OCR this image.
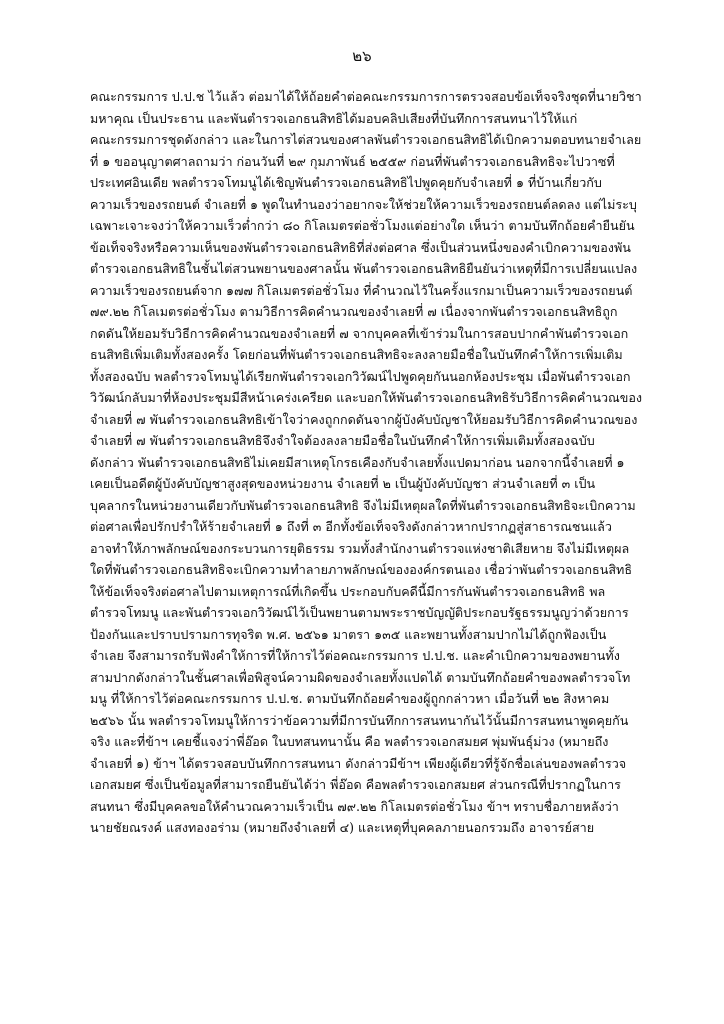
๒๖
คณะกรรมการ ป.ป.ช ไว้แล้ว ต่อมาได้ให้ถ้อยคำต่อคณะกรรมการการตรวจสอบข้อเท็จจริงชุดที่นายวิชา
มหาคุณ เป็นประธาน และพันตำรวจเอกธนสิทธิได้มอบคลิปเสียงที่บันทึกการสนทนาไว้ให้แก่
คณะกรรมการชุดดังกล่าว และในการไต่สวนของศาลพันตำรวจเอกธนสิทธิได้เบิกความตอบทนายจำเลย
ที่ ๑ ขออนุญาตศาลถามว่า ก่อนวันที่ ๒๙ กุมภาพันธ์ ๒๕๕๙ ก่อนที่พันตำรวจเอกธนสิทธิจะไปวาซที่
ประเทศอินเดีย พลตำรวจโทมนูได้เชิญพันตำรวจเอกธนสิทธิไปพูดคุยกับจำเลยที่ ๑ ที่บ้านเกี่ยวกับ
ความเร็วของรถยนต์ จำเลยที่ ๑ พูดในทำนองว่าอยากจะให้ช่วยให้ความเร็วของรถยนต์ลดลง แต่ไม่ระบุ
เฉพาะเจาะจงว่าให้ความเร็วต่ำกว่า ๘๐ กิโลเมตรต่อชั่วโมงแต่อย่างใด เห็นว่า ตามบันทึกถ้อยคำยืนยัน
ข้อเท็จจริงหรือความเห็นของพันตำรวจเอกธนสิทธิที่ส่งต่อศาล ซึ่งเป็นส่วนหนึ่งของคำเบิกความของพัน
ตำรวจเอกธนสิทธิในชั้นไต่สวนพยานของศาลนั้น พันตำรวจเอกธนสิทธิยืนยันว่าเหตุที่มีการเปลี่ยนแปลง
ความเร็วของรถยนต์จาก ๑๗๗ กิโลเมตรต่อชั่วโมง ที่คำนวณไว้ในครั้งแรกมาเป็นความเร็วของรถยนต์
๗๙.๒๒ กิโลเมตรต่อชั่วโมง ตามวิธีการคิดคำนวณของจำเลยที่ ๗ เนื่องจากพันตำรวจเอกธนสิทธิถูก
กดดันให้ยอมรับวิธีการคิดคำนวณของจำเลยที่ ๗ จากบุคคลที่เข้าร่วมในการสอบปากคำพันตำรวจเอก
ธนสิทธิเพิ่มเติมทั้งสองครั้ง โดยก่อนที่พันตำรวจเอกธนสิทธิจะลงลายมือชื่อในบันทึกคำให้การเพิ่มเติม
ทั้งสองฉบับ พลตำรวจโทมนูได้เรียกพันตำรวจเอกวิวัฒน์ไปพูดคุยกันนอกห้องประชุม เมื่อพันตำรวจเอก
วิวัฒน์กลับมาที่ห้องประชุมมีสีหน้าเคร่งเครียด และบอกให้พันตำรวจเอกธนสิทธิรับวิธีการคิดคำนวณของ
จำเลยที่ ๗ พันตำรวจเอกธนสิทธิเข้าใจว่าคงถูกกดดันจากผู้บังคับบัญชาให้ยอมรับวิธีการคิดคำนวณของ
จำเลยที่ ๗ พันตำรวจเอกธนสิทธิจึงจำใจต้องลงลายมือชื่อในบันทึกคำให้การเพิ่มเติมทั้งสองฉบับ
ดังกล่าว พันตำรวจเอกธนสิทธิไม่เคยมีสาเหตุโกรธเคืองกับจำเลยทั้งแปดมาก่อน นอกจากนี้จำเลยที่ ๑
เคยเป็นอดีตผู้บังคับบัญชาสูงสุดของหน่วยงาน จำเลยที่ ๒ เป็นผู้บังคับบัญชา ส่วนจำเลยที่ ๓ เป็น
บุคลากรในหน่วยงานเดียวกับพันตำรวจเอกธนสิทธิ จึงไม่มีเหตุผลใดที่พันตำรวจเอกธนสิทธิจะเบิกความ
ต่อศาลเพื่อปรักปรำให้ร้ายจำเลยที่ ๑ ถึงที่ ๓ อีกทั้งข้อเท็จจริงดังกล่าวหากปรากฏสู่สาธารณชนแล้ว
อาจทำให้ภาพลักษณ์ของกระบวนการยุติธรรม รวมทั้งสำนักงานตำรวจแห่งชาติเสียหาย จึงไม่มีเหตุผล
ใดที่พันตำรวจเอกธนสิทธิจะเบิกความทำลายภาพลักษณ์ขององค์กรตนเอง เชื่อว่าพันตำรวจเอกธนสิทธิ
ให้ข้อเท็จจริงต่อศาลไปตามเหตุการณ์ที่เกิดขึ้น ประกอบกับคดีนี้มีการกันพันตำรวจเอกธนสิทธิ พล
ตำรวจโทมนู และพันตำรวจเอกวิวัฒน์ไว้เป็นพยานตามพระราชบัญญัติประกอบรัฐธรรมนูญว่าด้วยการ
ป้องกันและปราบปรามการทุจริต พ.ศ. ๒๕๖๑ มาตรา ๑๓๕ และพยานทั้งสามปากไม่ได้ถูกฟ้องเป็น
จำเลย จึงสามารถรับฟังคำให้การที่ให้การไว้ต่อคณะกรรมการ ป.ป.ช. และคำเบิกความของพยานทั้ง
สามปากดังกล่าวในชั้นศาลเพื่อพิสูจน์ความผิดของจำเลยทั้งแปดได้ ตามบันทึกถ้อยคำของพลตำรวจโท
มนู ที่ให้การไว้ต่อคณะกรรมการ ป.ป.ช. ตามบันทึกถ้อยคำของผู้ถูกกล่าวหา เมื่อวันที่ ๒๒ สิงหาคม
๒๕๖๖ นั้น พลตำรวจโทมนูให้การว่าข้อความที่มีการบันทึกการสนทนากันไว้นั้นมีการสนทนาพูดคุยกัน
จริง และที่ข้าฯ เคยชี้แจงว่าพี่อ๊อด ในบทสนทนานั้น คือ พลตำรวจเอกสมยศ พุ่มพันธุ์ม่วง (หมายถึง
จำเลยที่ ๑) ข้าฯ ได้ตรวจสอบบันทึกการสนทนา ดังกล่าวมีข้าฯ เพียงผู้เดียวที่รู้จักชื่อเล่นของพลตำรวจ
เอกสมยศ ซึ่งเป็นข้อมูลที่สามารถยืนยันได้ว่า พี่อ๊อด คือพลตำรวจเอกสมยศ ส่วนกรณีที่ปรากฏในการ
สนทนา ซึ่งมีบุคคลขอให้คำนวณความเร็วเป็น ๗๙.๒๒ กิโลเมตรต่อชั่วโมง ข้าฯ ทราบชื่อภายหลังว่า
นายชัยณรงค์ แสงทองอร่าม (หมายถึงจำเลยที่ ๔) และเหตุที่บุคคลภายนอกรวมถึง อาจารย์สาย
